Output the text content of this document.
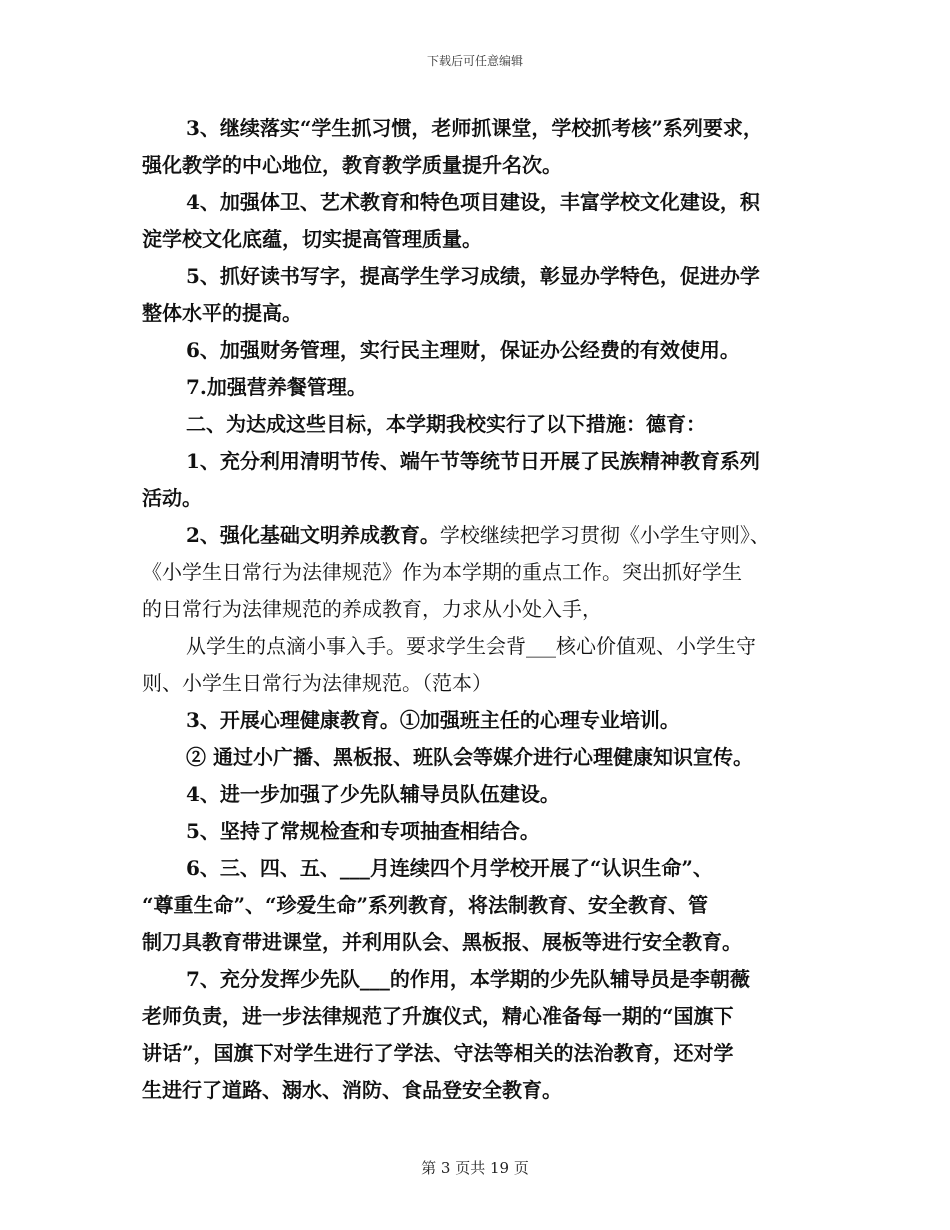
下载后可任意编辑
3、继续落实“学生抓习惯，老师抓课堂，学校抓考核”系列要求，
强化教学的中心地位，教育教学质量提升名次。
4、加强体卫、艺术教育和特色项目建设，丰富学校文化建设，积
淀学校文化底蕴，切实提高管理质量。
5、抓好读书写字，提高学生学习成绩，彰显办学特色，促进办学
整体水平的提高。
6、加强财务管理，实行民主理财，保证办公经费的有效使用。
7.加强营养餐管理。
二、为达成这些目标，本学期我校实行了以下措施：德育：
1、充分利用清明节传、端午节等统节日开展了民族精神教育系列
活动。
2、强化基础文明养成教育。学校继续把学习贯彻《小学生守则》、
《小学生日常行为法律规范》作为本学期的重点工作。突出抓好学生
的日常行为法律规范的养成教育，力求从小处入手，
从学生的点滴小事入手。要求学生会背___核心价值观、小学生守
则、小学生日常行为法律规范。（范本）
3、开展心理健康教育。①加强班主任的心理专业培训。
② 通过小广播、黑板报、班队会等媒介进行心理健康知识宣传。
4、进一步加强了少先队辅导员队伍建设。
5、坚持了常规检查和专项抽查相结合。
6、三、四、五、___月连续四个月学校开展了“认识生命”、
“尊重生命”、“珍爱生命”系列教育，将法制教育、安全教育、管
制刀具教育带进课堂，并利用队会、黑板报、展板等进行安全教育。
7、充分发挥少先队___的作用，本学期的少先队辅导员是李朝薇
老师负责，进一步法律规范了升旗仪式，精心准备每一期的“国旗下
讲话”，国旗下对学生进行了学法、守法等相关的法治教育，还对学
生进行了道路、溺水、消防、食品登安全教育。
第 3 页共 19 页
